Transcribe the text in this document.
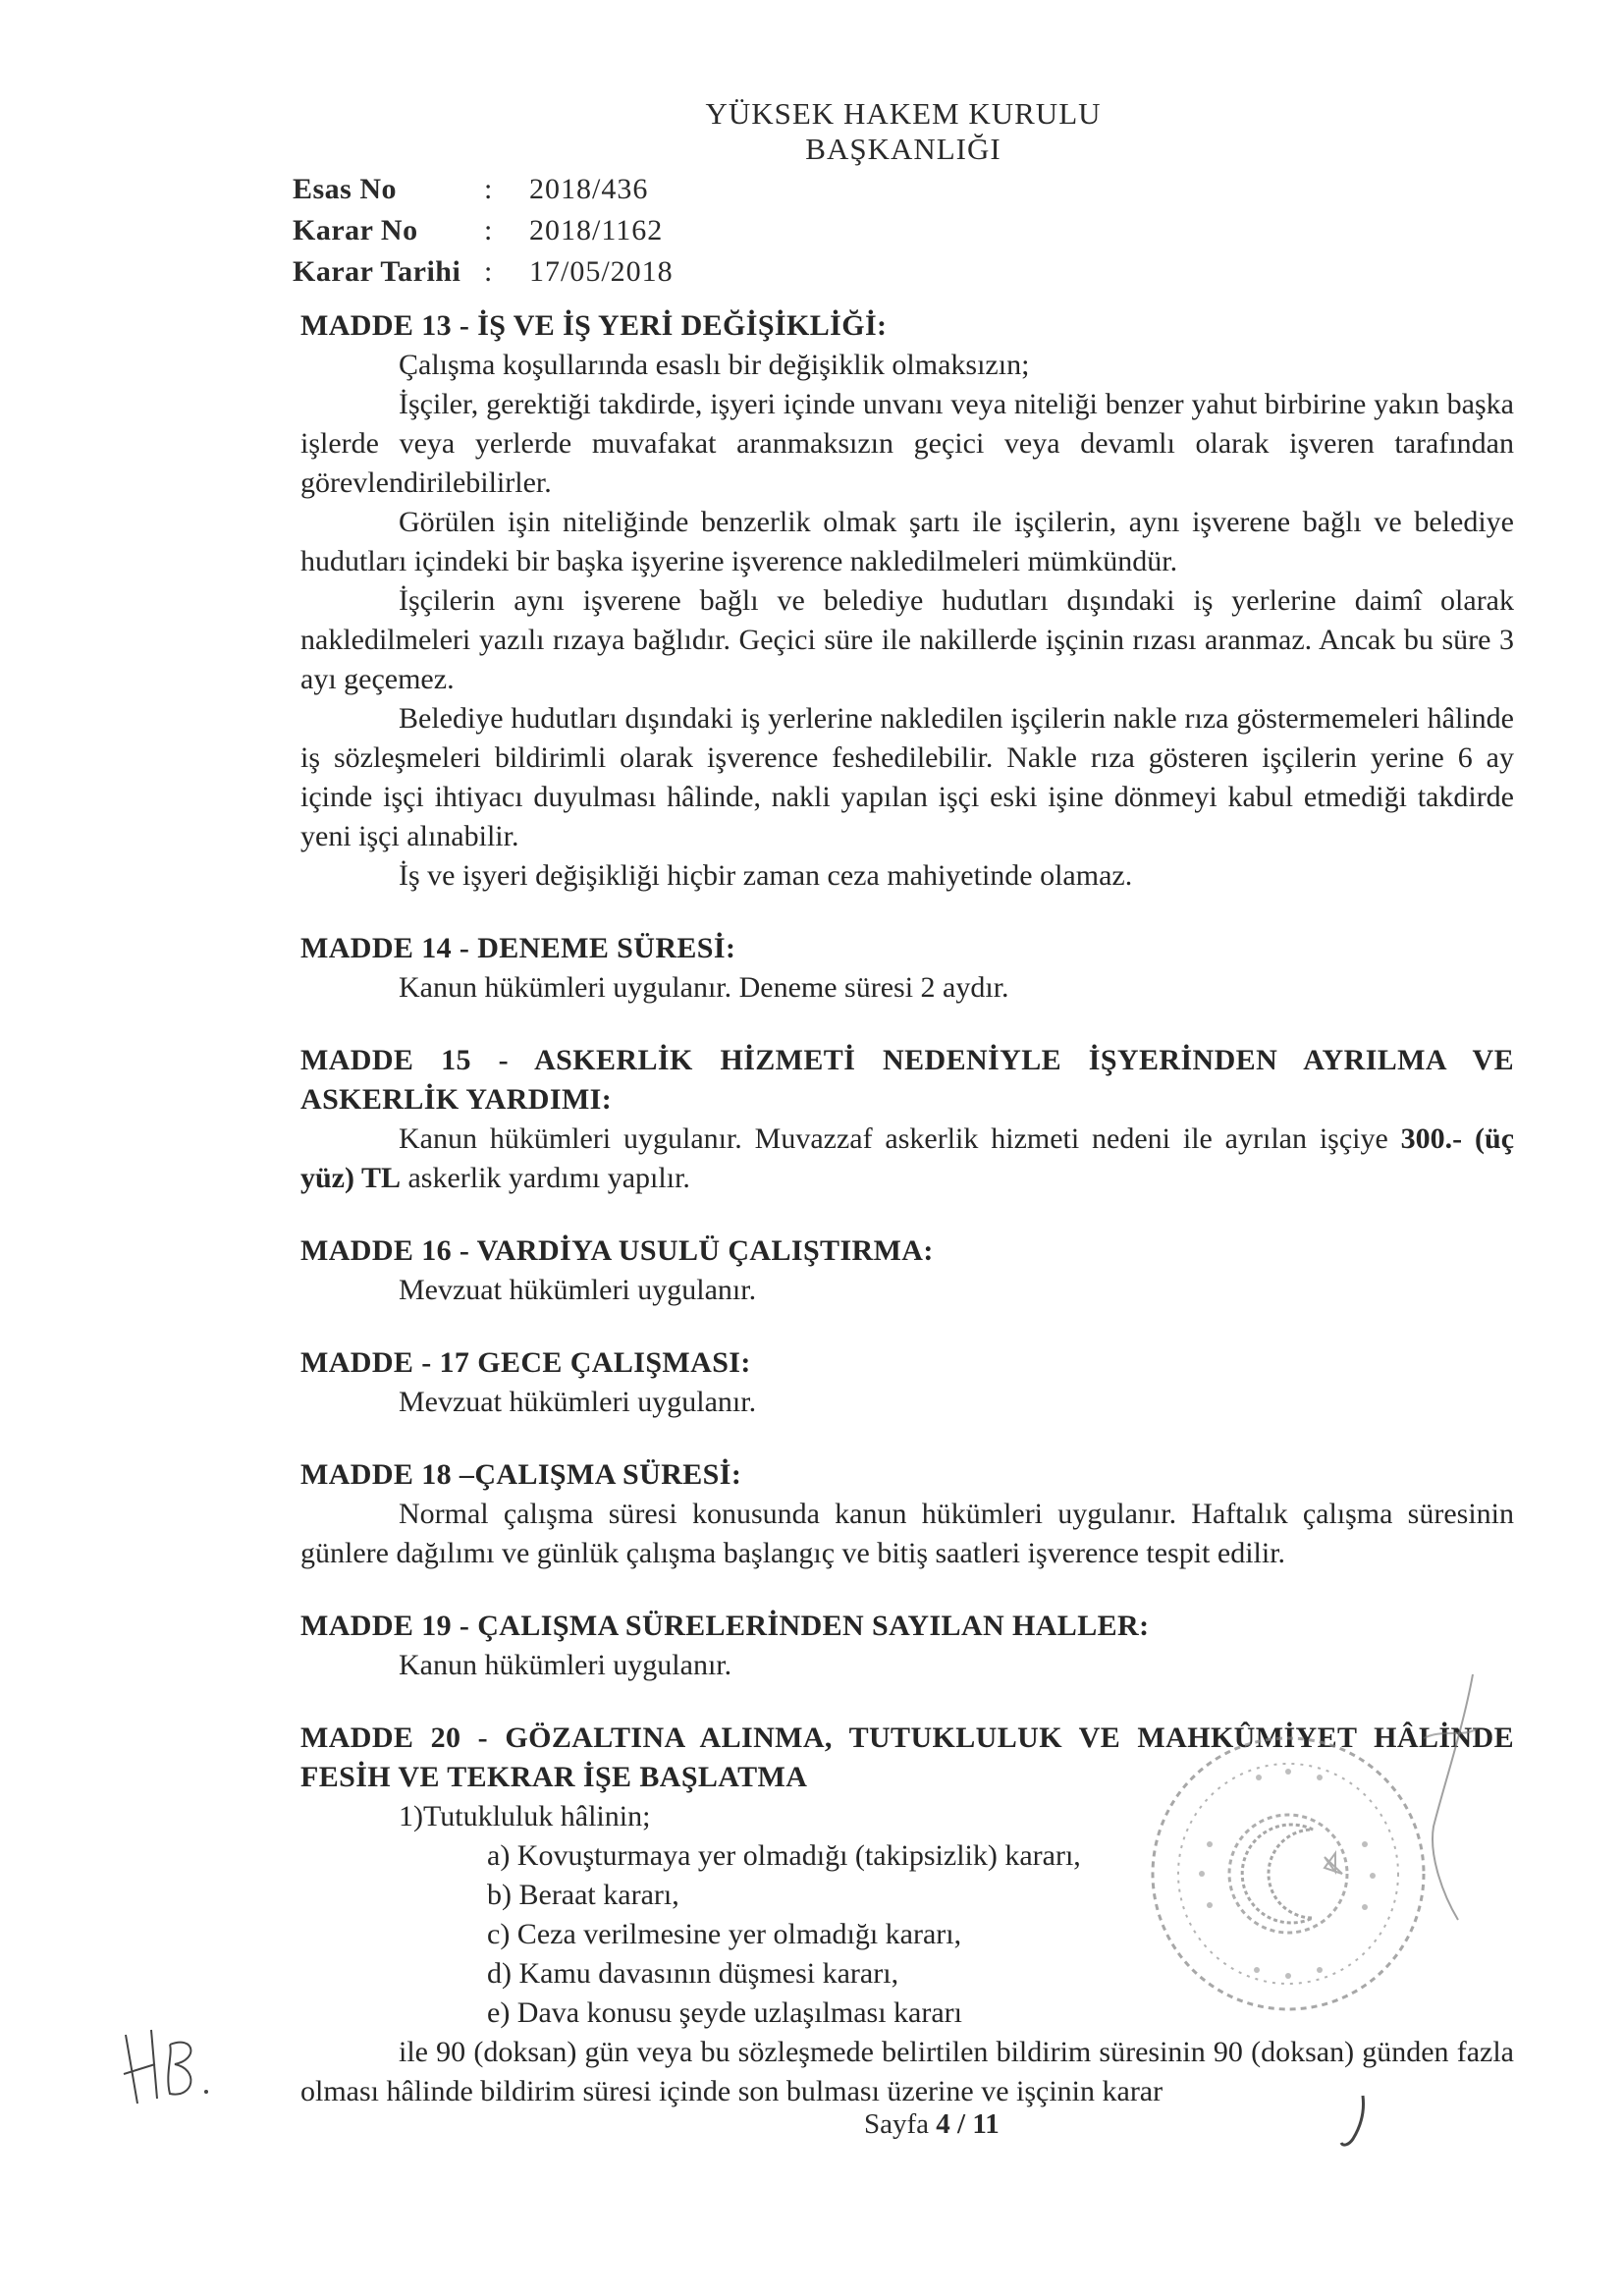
YÜKSEK HAKEM KURULU
BAŞKANLIĞI
Esas No	:	2018/436
Karar No	:	2018/1162
Karar Tarihi :	17/05/2018
MADDE 13 - İŞ VE İŞ YERİ DEĞİŞİKLİĞİ:

Çalışma koşullarında esaslı bir değişiklik olmaksızın;

İşçiler, gerektiği takdirde, işyeri içinde unvanı veya niteliği benzer yahut birbirine yakın başka işlerde veya yerlerde muvafakat aranmaksızın geçici veya devamlı olarak işveren tarafından görevlendirilebilirler.

Görülen işin niteliğinde benzerlik olmak şartı ile işçilerin, aynı işverene bağlı ve belediye hudutları içindeki bir başka işyerine işverence nakledilmeleri mümkündür.

İşçilerin aynı işverene bağlı ve belediye hudutları dışındaki iş yerlerine daimî olarak nakledilmeleri yazılı rızaya bağlıdır. Geçici süre ile nakillerde işçinin rızası aranmaz. Ancak bu süre 3 ayı geçemez.

Belediye hudutları dışındaki iş yerlerine nakledilen işçilerin nakle rıza göstermemeleri hâlinde iş sözleşmeleri bildirimli olarak işverence feshedilebilir. Nakle rıza gösteren işçilerin yerine 6 ay içinde işçi ihtiyacı duyulması hâlinde, nakli yapılan işçi eski işine dönmeyi kabul etmediği takdirde yeni işçi alınabilir.

İş ve işyeri değişikliği hiçbir zaman ceza mahiyetinde olamaz.

MADDE 14 - DENEME SÜRESİ:

Kanun hükümleri uygulanır. Deneme süresi 2 aydır.

MADDE 15 - ASKERLİK HİZMETİ NEDENİYLE İŞYERİNDEN AYRILMA VE ASKERLİK YARDIMI:

Kanun hükümleri uygulanır. Muvazzaf askerlik hizmeti nedeni ile ayrılan işçiye 300.- (üç yüz) TL askerlik yardımı yapılır.

MADDE 16 - VARDİYA USULÜ ÇALIŞTIRMA:

Mevzuat hükümleri uygulanır.

MADDE - 17 GECE ÇALIŞMASI:

Mevzuat hükümleri uygulanır.

MADDE 18 –ÇALIŞMA SÜRESİ:

Normal çalışma süresi konusunda kanun hükümleri uygulanır. Haftalık çalışma süresinin günlere dağılımı ve günlük çalışma başlangıç ve bitiş saatleri işverence tespit edilir.

MADDE 19 - ÇALIŞMA SÜRELERİNDEN SAYILAN HALLER:

Kanun hükümleri uygulanır.

MADDE 20 - GÖZALTINA ALINMA, TUTUKLULUK VE MAHKÛMİYET HÂLİNDE FESİH VE TEKRAR İŞE BAŞLATMA
1)Tutukluluk hâlinin;
a) Kovuşturmaya yer olmadığı (takipsizlik) kararı,
b) Beraat kararı,
c) Ceza verilmesine yer olmadığı kararı,
d) Kamu davasının düşmesi kararı,
e) Dava konusu şeyde uzlaşılması kararı

ile 90 (doksan) gün veya bu sözleşmede belirtilen bildirim süresinin 90 (doksan) günden fazla olması hâlinde bildirim süresi içinde son bulması üzerine ve işçinin karar

Sayfa 4 / 11
